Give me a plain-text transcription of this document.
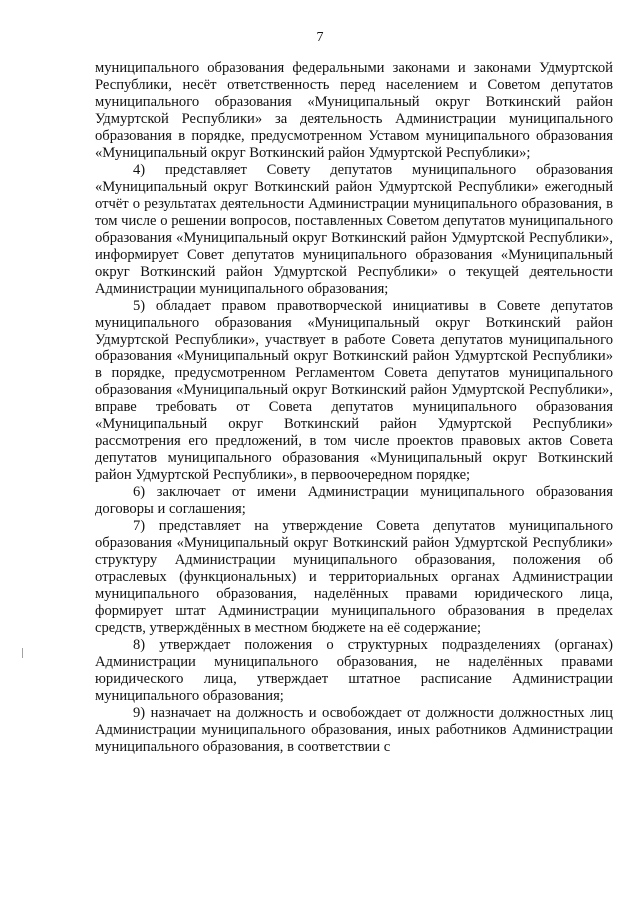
7

муниципального образования федеральными законами и законами Удмуртской Республики, несёт ответственность перед населением и Советом депутатов муниципального образования «Муниципальный округ Воткинский район Удмуртской Республики» за деятельность Администрации муниципального образования в порядке, предусмотренном Уставом муниципального образования «Муниципальный округ Воткинский район Удмуртской Республики»;

4) представляет Совету депутатов муниципального образования «Муниципальный округ Воткинский район Удмуртской Республики» ежегодный отчёт о результатах деятельности Администрации муниципального образования, в том числе о решении вопросов, поставленных Советом депутатов муниципального образования «Муниципальный округ Воткинский район Удмуртской Республики», информирует Совет депутатов муниципального образования «Муниципальный округ Воткинский район Удмуртской Республики» о текущей деятельности Администрации муниципального образования;

5) обладает правом правотворческой инициативы в Совете депутатов муниципального образования «Муниципальный округ Воткинский район Удмуртской Республики», участвует в работе Совета депутатов муниципального образования «Муниципальный округ Воткинский район Удмуртской Республики» в порядке, предусмотренном Регламентом Совета депутатов муниципального образования «Муниципальный округ Воткинский район Удмуртской Республики», вправе требовать от Совета депутатов муниципального образования «Муниципальный округ Воткинский район Удмуртской Республики» рассмотрения его предложений, в том числе проектов правовых актов Совета депутатов муниципального образования «Муниципальный округ Воткинский район Удмуртской Республики», в первоочередном порядке;

6) заключает от имени Администрации муниципального образования договоры и соглашения;

7) представляет на утверждение Совета депутатов муниципального образования «Муниципальный округ Воткинский район Удмуртской Республики» структуру Администрации муниципального образования, положения об отраслевых (функциональных) и территориальных органах Администрации муниципального образования, наделённых правами юридического лица, формирует штат Администрации муниципального образования в пределах средств, утверждённых в местном бюджете на её содержание;

8) утверждает положения о структурных подразделениях (органах) Администрации муниципального образования, не наделённых правами юридического лица, утверждает штатное расписание Администрации муниципального образования;

9) назначает на должность и освобождает от должности должностных лиц Администрации муниципального образования, иных работников Администрации муниципального образования, в соответствии с
